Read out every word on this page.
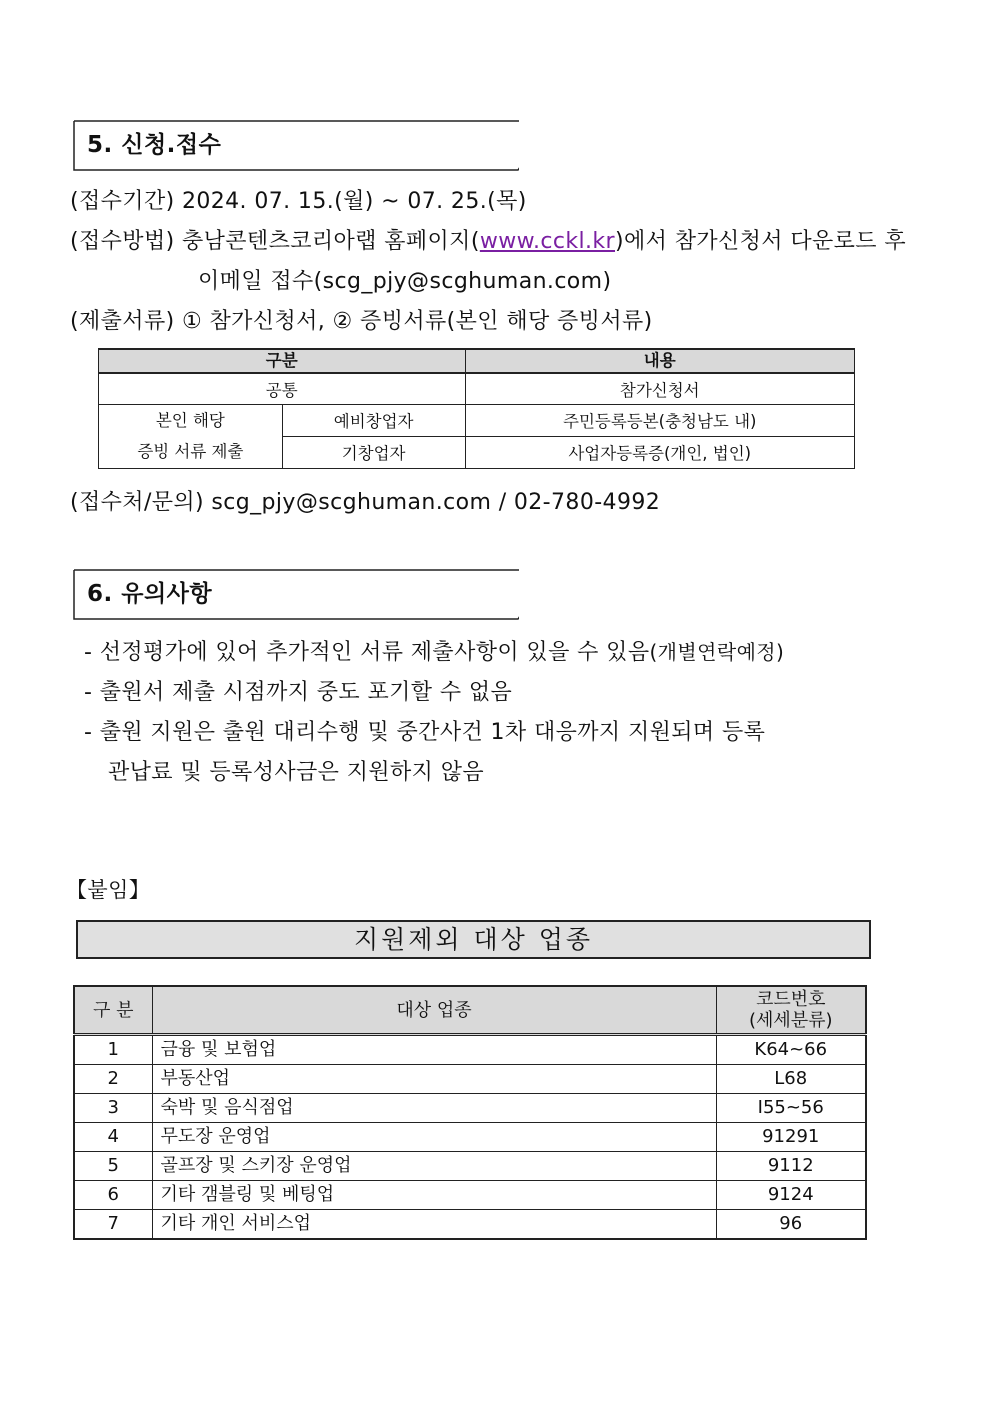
5. 신청.접수
(접수기간) 2024. 07. 15.(월) ~ 07. 25.(목)
(접수방법) 충남콘텐츠코리아랩 홈페이지(www.cckl.kr)에서 참가신청서 다운로드 후
이메일 접수(scg_pjy@scghuman.com)
(제출서류) ① 참가신청서, ② 증빙서류(본인 해당 증빙서류)
구분		내용
공통		참가신청서

본인 해당
증빙 서류 제출	예비창업자	주민등록등본(충청남도 내)
	기창업자	사업자등록증(개인, 법인)
(접수처/문의) scg_pjy@scghuman.com / 02-780-4992
6. 유의사항
- 선정평가에 있어 추가적인 서류 제출사항이 있을 수 있음(개별연락예정)
- 출원서 제출 시점까지 중도 포기할 수 없음
- 출원 지원은 출원 대리수행 및 중간사건 1차 대응까지 지원되며 등록
관납료 및 등록성사금은 지원하지 않음
【붙임】
지원제외 대상 업종
구 분	대상 업종	코드번호
(세세분류)

1	금융 및 보험업	K64~66
2	부동산업	L68
3	숙박 및 음식점업	I55~56
4	무도장 운영업	91291
5	골프장 및 스키장 운영업	9112
6	기타 갬블링 및 베팅업	9124
7	기타 개인 서비스업	96
